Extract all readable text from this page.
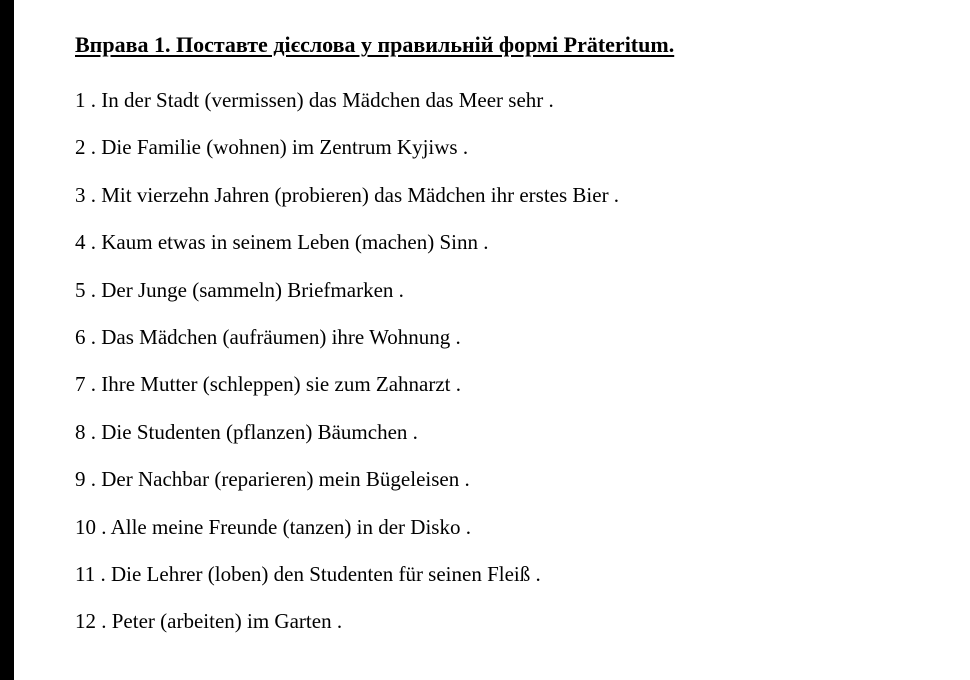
Вправа 1. Поставте дієслова у правильній формі Präteritum.
1 . In der Stadt (vermissen) das Mädchen das Meer sehr .
2 . Die Familie (wohnen) im Zentrum Kyjiws .
3 . Mit vierzehn Jahren (probieren) das Mädchen ihr erstes Bier .
4 . Kaum etwas in seinem Leben (machen) Sinn .
5 . Der Junge (sammeln) Briefmarken .
6 . Das Mädchen (aufräumen) ihre Wohnung .
7 . Ihre Mutter (schleppen) sie zum Zahnarzt .
8 . Die Studenten (pflanzen) Bäumchen .
9 . Der Nachbar (reparieren) mein Bügeleisen .
10 . Alle meine Freunde (tanzen) in der Disko .
11 . Die Lehrer (loben) den Studenten für seinen Fleiß .
12 . Peter (arbeiten) im Garten .
